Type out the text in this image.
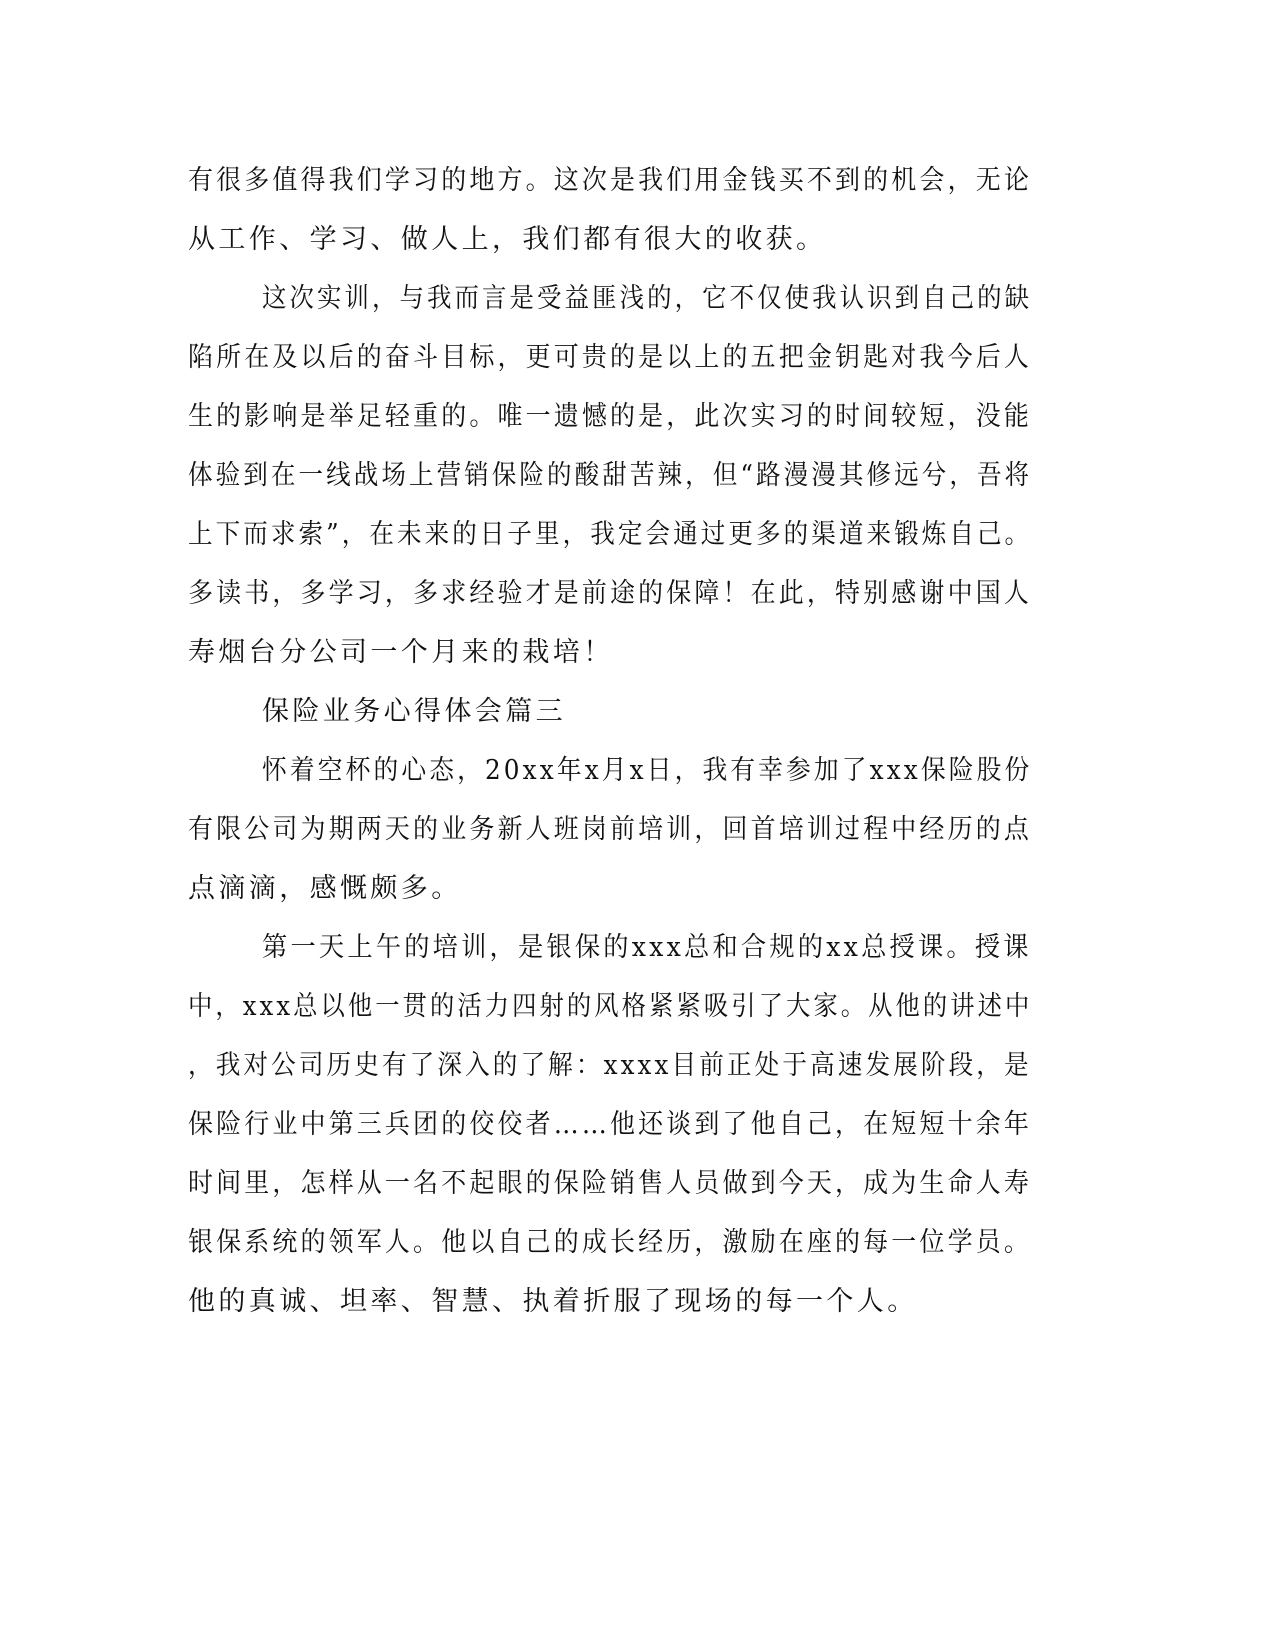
有很多值得我们学习的地方。这次是我们用金钱买不到的机会，无论
从工作、学习、做人上，我们都有很大的收获。
这次实训，与我而言是受益匪浅的，它不仅使我认识到自己的缺
陷所在及以后的奋斗目标，更可贵的是以上的五把金钥匙对我今后人
生的影响是举足轻重的。唯一遗憾的是，此次实习的时间较短，没能
体验到在一线战场上营销保险的酸甜苦辣，但“路漫漫其修远兮，吾将
上下而求索”，在未来的日子里，我定会通过更多的渠道来锻炼自己。
多读书，多学习，多求经验才是前途的保障！在此，特别感谢中国人
寿烟台分公司一个月来的栽培！
保险业务心得体会篇三
怀着空杯的心态，20xx年x月x日，我有幸参加了xxx保险股份
有限公司为期两天的业务新人班岗前培训，回首培训过程中经历的点
点滴滴，感慨颇多。
第一天上午的培训，是银保的xxx总和合规的xx总授课。授课
中，xxx总以他一贯的活力四射的风格紧紧吸引了大家。从他的讲述中
，我对公司历史有了深入的了解：xxxx目前正处于高速发展阶段，是
保险行业中第三兵团的佼佼者……他还谈到了他自己，在短短十余年
时间里，怎样从一名不起眼的保险销售人员做到今天，成为生命人寿
银保系统的领军人。他以自己的成长经历，激励在座的每一位学员。
他的真诚、坦率、智慧、执着折服了现场的每一个人。
